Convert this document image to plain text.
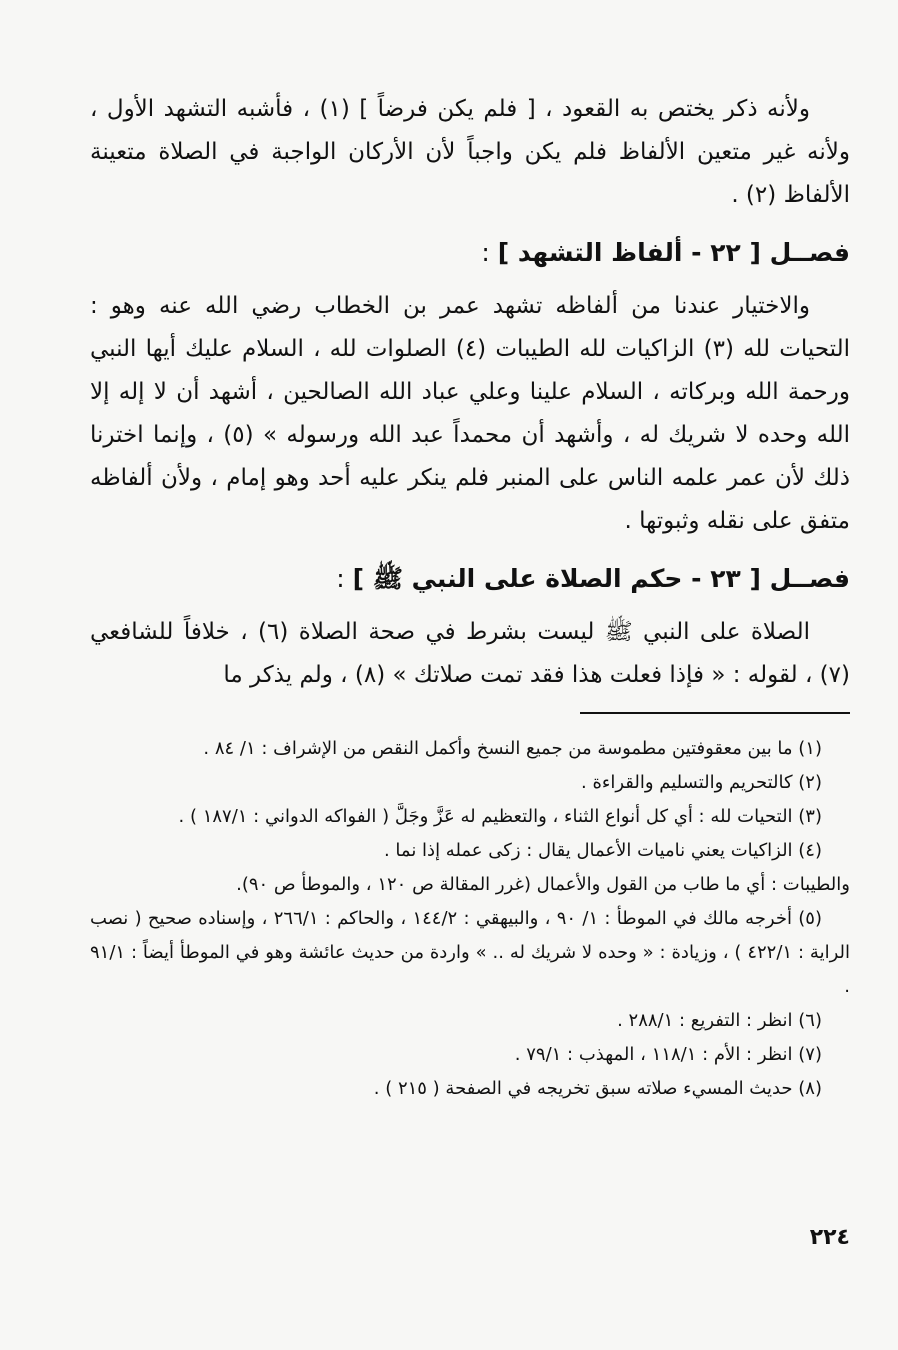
ولأنه ذكر يختص به القعود ، [ فلم يكن فرضاً ] (١) ، فأشبه التشهد الأول ، ولأنه غير متعين الألفاظ فلم يكن واجباً لأن الأركان الواجبة في الصلاة متعينة الألفاظ (٢) .

فصــل [ ٢٢ - ألفاظ التشهد ] :

والاختيار عندنا من ألفاظه تشهد عمر بن الخطاب رضي الله عنه وهو : التحيات لله (٣) الزاكيات لله الطيبات (٤) الصلوات لله ، السلام عليك أيها النبي ورحمة الله وبركاته ، السلام علينا وعلي عباد الله الصالحين ، أشهد أن لا إله إلا الله وحده لا شريك له ، وأشهد أن محمداً عبد الله ورسوله » (٥) ، وإنما اخترنا ذلك لأن عمر علمه الناس على المنبر فلم ينكر عليه أحد وهو إمام ، ولأن ألفاظه متفق على نقله وثبوتها .

فصــل [ ٢٣ - حكم الصلاة على النبي ﷺ ] :

الصلاة على النبي ﷺ ليست بشرط في صحة الصلاة (٦) ، خلافاً للشافعي (٧) ، لقوله : « فإذا فعلت هذا فقد تمت صلاتك » (٨) ، ولم يذكر ما

(١) ما بين معقوفتين مطموسة من جميع النسخ وأكمل النقص من الإشراف : ١/ ٨٤ .

(٢) كالتحريم والتسليم والقراءة .

(٣) التحيات لله : أي كل أنواع الثناء ، والتعظيم له عَزَّ وجَلَّ ( الفواكه الدواني : ١٨٧/١ ) .

(٤) الزاكيات يعني ناميات الأعمال يقال : زكى عمله إذا نما .

والطيبات : أي ما طاب من القول والأعمال (غرر المقالة ص ١٢٠ ، والموطأ ص ٩٠).

(٥) أخرجه مالك في الموطأ : ١/ ٩٠ ، والبيهقي : ١٤٤/٢ ، والحاكم : ٢٦٦/١ ، وإسناده صحيح ( نصب الراية : ٤٢٢/١ ) ، وزيادة : « وحده لا شريك له .. » واردة من حديث عائشة وهو في الموطأ أيضاً : ٩١/١ .

(٦) انظر : التفريع : ٢٨٨/١ .

(٧) انظر : الأم : ١١٨/١ ، المهذب : ٧٩/١ .

(٨) حديث المسيء صلاته سبق تخريجه في الصفحة ( ٢١٥ ) .

٢٢٤
